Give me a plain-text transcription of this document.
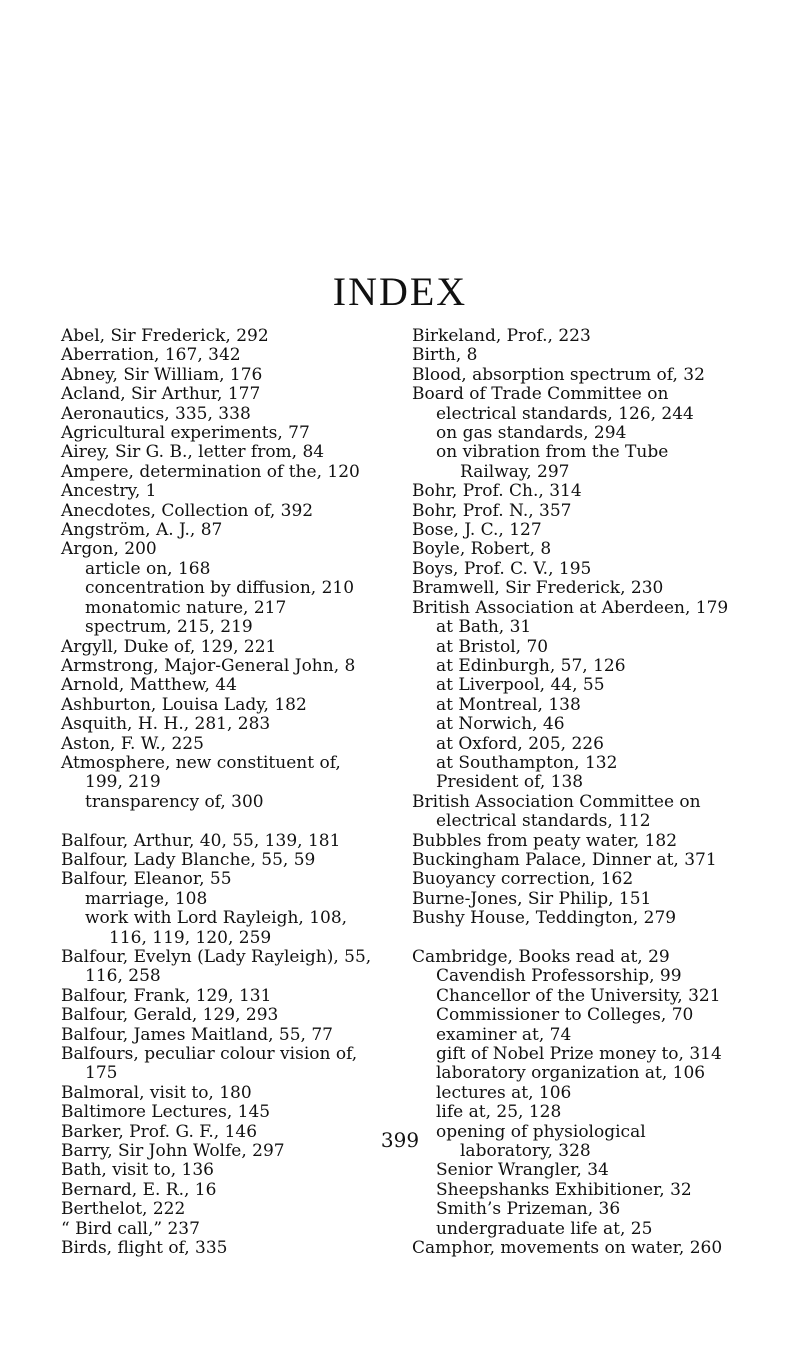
INDEX
Abel, Sir Frederick, 292
Aberration, 167, 342
Abney, Sir William, 176
Acland, Sir Arthur, 177
Aeronautics, 335, 338
Agricultural experiments, 77
Airey, Sir G. B., letter from, 84
Ampere, determination of the, 120
Ancestry, 1
Anecdotes, Collection of, 392
Angström, A. J., 87
Argon, 200
article on, 168
concentration by diffusion, 210
monatomic nature, 217
spectrum, 215, 219
Argyll, Duke of, 129, 221
Armstrong, Major-General John, 8
Arnold, Matthew, 44
Ashburton, Louisa Lady, 182
Asquith, H. H., 281, 283
Aston, F. W., 225
Atmosphere, new constituent of, 199, 219
transparency of, 300
Balfour, Arthur, 40, 55, 139, 181
Balfour, Lady Blanche, 55, 59
Balfour, Eleanor, 55
marriage, 108
work with Lord Rayleigh, 108, 116, 119, 120, 259
Balfour, Evelyn (Lady Rayleigh), 55, 116, 258
Balfour, Frank, 129, 131
Balfour, Gerald, 129, 293
Balfour, James Maitland, 55, 77
Balfours, peculiar colour vision of, 175
Balmoral, visit to, 180
Baltimore Lectures, 145
Barker, Prof. G. F., 146
Barry, Sir John Wolfe, 297
Bath, visit to, 136
Bernard, E. R., 16
Berthelot, 222
“ Bird call,” 237
Birds, flight of, 335
Birkeland, Prof., 223
Birth, 8
Blood, absorption spectrum of, 32
Board of Trade Committee on electrical standards, 126, 244
on gas standards, 294
on vibration from the Tube Railway, 297
Bohr, Prof. Ch., 314
Bohr, Prof. N., 357
Bose, J. C., 127
Boyle, Robert, 8
Boys, Prof. C. V., 195
Bramwell, Sir Frederick, 230
British Association at Aberdeen, 179
at Bath, 31
at Bristol, 70
at Edinburgh, 57, 126
at Liverpool, 44, 55
at Montreal, 138
at Norwich, 46
at Oxford, 205, 226
at Southampton, 132
President of, 138
British Association Committee on electrical standards, 112
Bubbles from peaty water, 182
Buckingham Palace, Dinner at, 371
Buoyancy correction, 162
Burne-Jones, Sir Philip, 151
Bushy House, Teddington, 279
Cambridge, Books read at, 29
Cavendish Professorship, 99
Chancellor of the University, 321
Commissioner to Colleges, 70
examiner at, 74
gift of Nobel Prize money to, 314
laboratory organization at, 106
lectures at, 106
life at, 25, 128
opening of physiological laboratory, 328
Senior Wrangler, 34
Sheepshanks Exhibitioner, 32
Smith’s Prizeman, 36
undergraduate life at, 25
Camphor, movements on water, 260
399
